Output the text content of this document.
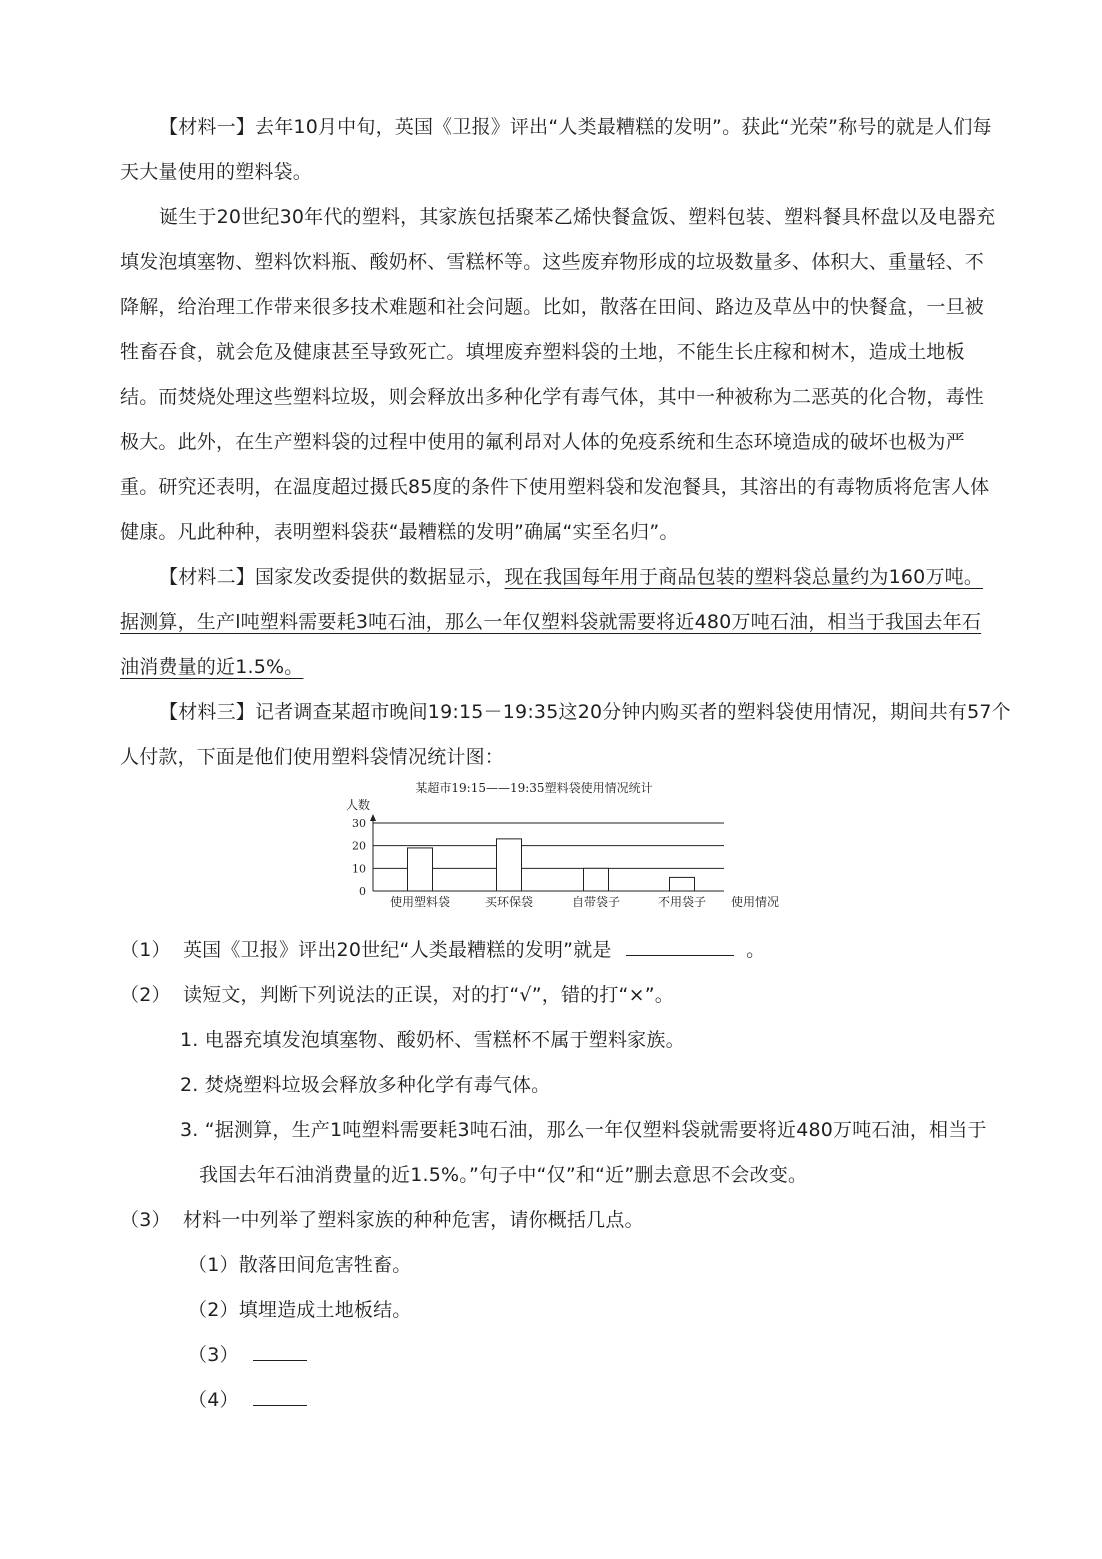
【材料一】去年10月中旬，英国《卫报》评出“人类最糟糕的发明”。获此“光荣”称号的就是人们每
天大量使用的塑料袋。
诞生于20世纪30年代的塑料，其家族包括聚苯乙烯快餐盒饭、塑料包装、塑料餐具杯盘以及电器充
填发泡填塞物、塑料饮料瓶、酸奶杯、雪糕杯等。这些废弃物形成的垃圾数量多、体积大、重量轻、不
降解，给治理工作带来很多技术难题和社会问题。比如，散落在田间、路边及草丛中的快餐盒，一旦被
牲畜吞食，就会危及健康甚至导致死亡。填埋废弃塑料袋的土地，不能生长庄稼和树木，造成土地板
结。而焚烧处理这些塑料垃圾，则会释放出多种化学有毒气体，其中一种被称为二恶英的化合物，毒性
极大。此外，在生产塑料袋的过程中使用的氟利昂对人体的免疫系统和生态环境造成的破坏也极为严
重。研究还表明，在温度超过摄氏85度的条件下使用塑料袋和发泡餐具，其溶出的有毒物质将危害人体
健康。凡此种种，表明塑料袋获“最糟糕的发明”确属“实至名归”。
【材料二】国家发改委提供的数据显示，现在我国每年用于商品包装的塑料袋总量约为160万吨。
据测算，生产l吨塑料需要耗3吨石油，那么一年仅塑料袋就需要将近480万吨石油，相当于我国去年石
油消费量的近1.5%。
【材料三】记者调查某超市晚间19:15－19:35这20分钟内购买者的塑料袋使用情况，期间共有57个
人付款，下面是他们使用塑料袋情况统计图：
某超市19:15——19:35塑料袋使用情况统计
人数
使用情况
0
10
20
30
使用塑料袋	买环保袋	自带袋子	不用袋子
（1） 英国《卫报》评出20世纪“人类最糟糕的发明”就是	。
（2） 读短文，判断下列说法的正误，对的打“√”，错的打“×”。
1. 电器充填发泡填塞物、酸奶杯、雪糕杯不属于塑料家族。
2. 焚烧塑料垃圾会释放多种化学有毒气体。
3. “据测算，生产1吨塑料需要耗3吨石油，那么一年仅塑料袋就需要将近480万吨石油，相当于
我国去年石油消费量的近1.5%。”句子中“仅”和“近”删去意思不会改变。
（3） 材料一中列举了塑料家族的种种危害，请你概括几点。
（1）散落田间危害牲畜。
（2）填埋造成土地板结。
（3）
（4）
